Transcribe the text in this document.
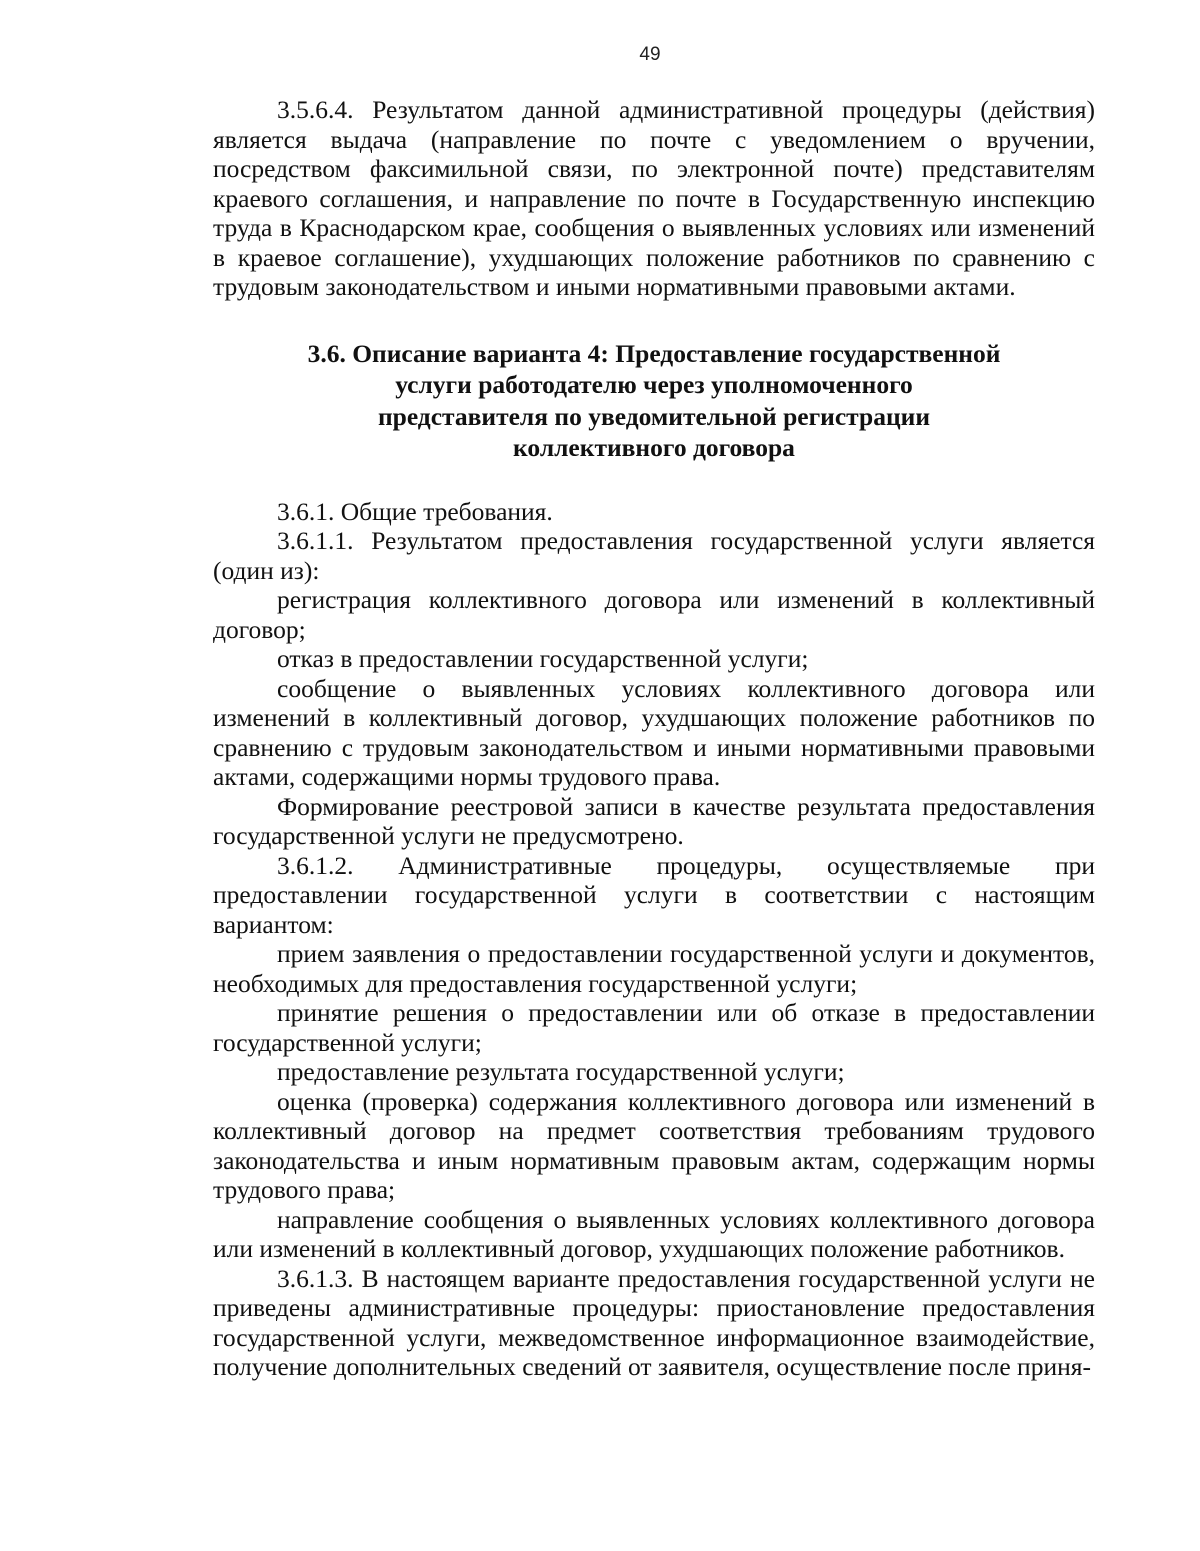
49

3.5.6.4. Результатом данной административной процедуры (действия) является выдача (направление по почте с уведомлением о вручении, посредством факсимильной связи, по электронной почте) представителям краевого соглашения, и направление по почте в Государственную инспекцию труда в Краснодарском крае, сообщения о выявленных условиях или изменений в краевое соглашение), ухудшающих положение работников по сравнению с трудовым законодательством и иными нормативными правовыми актами.

3.6. Описание варианта 4: Предоставление государственной
услуги работодателю через уполномоченного
представителя по уведомительной регистрации
коллективного договора

3.6.1. Общие требования.

3.6.1.1. Результатом предоставления государственной услуги является (один из):

регистрация коллективного договора или изменений в коллективный договор;

отказ в предоставлении государственной услуги;

сообщение о выявленных условиях коллективного договора или изменений в коллективный договор, ухудшающих положение работников по сравнению с трудовым законодательством и иными нормативными правовыми актами, содержащими нормы трудового права.

Формирование реестровой записи в качестве результата предоставления государственной услуги не предусмотрено.

3.6.1.2. Административные процедуры, осуществляемые при предоставлении государственной услуги в соответствии с настоящим вариантом:

прием заявления о предоставлении государственной услуги и документов, необходимых для предоставления государственной услуги;

принятие решения о предоставлении или об отказе в предоставлении государственной услуги;

предоставление результата государственной услуги;

оценка (проверка) содержания коллективного договора или изменений в коллективный договор на предмет соответствия требованиям трудового законодательства и иным нормативным правовым актам, содержащим нормы трудового права;

направление сообщения о выявленных условиях коллективного договора или изменений в коллективный договор, ухудшающих положение работников.

3.6.1.3. В настоящем варианте предоставления государственной услуги не приведены административные процедуры: приостановление предоставления государственной услуги, межведомственное информационное взаимодействие, получение дополнительных сведений от заявителя, осуществление после приня-
